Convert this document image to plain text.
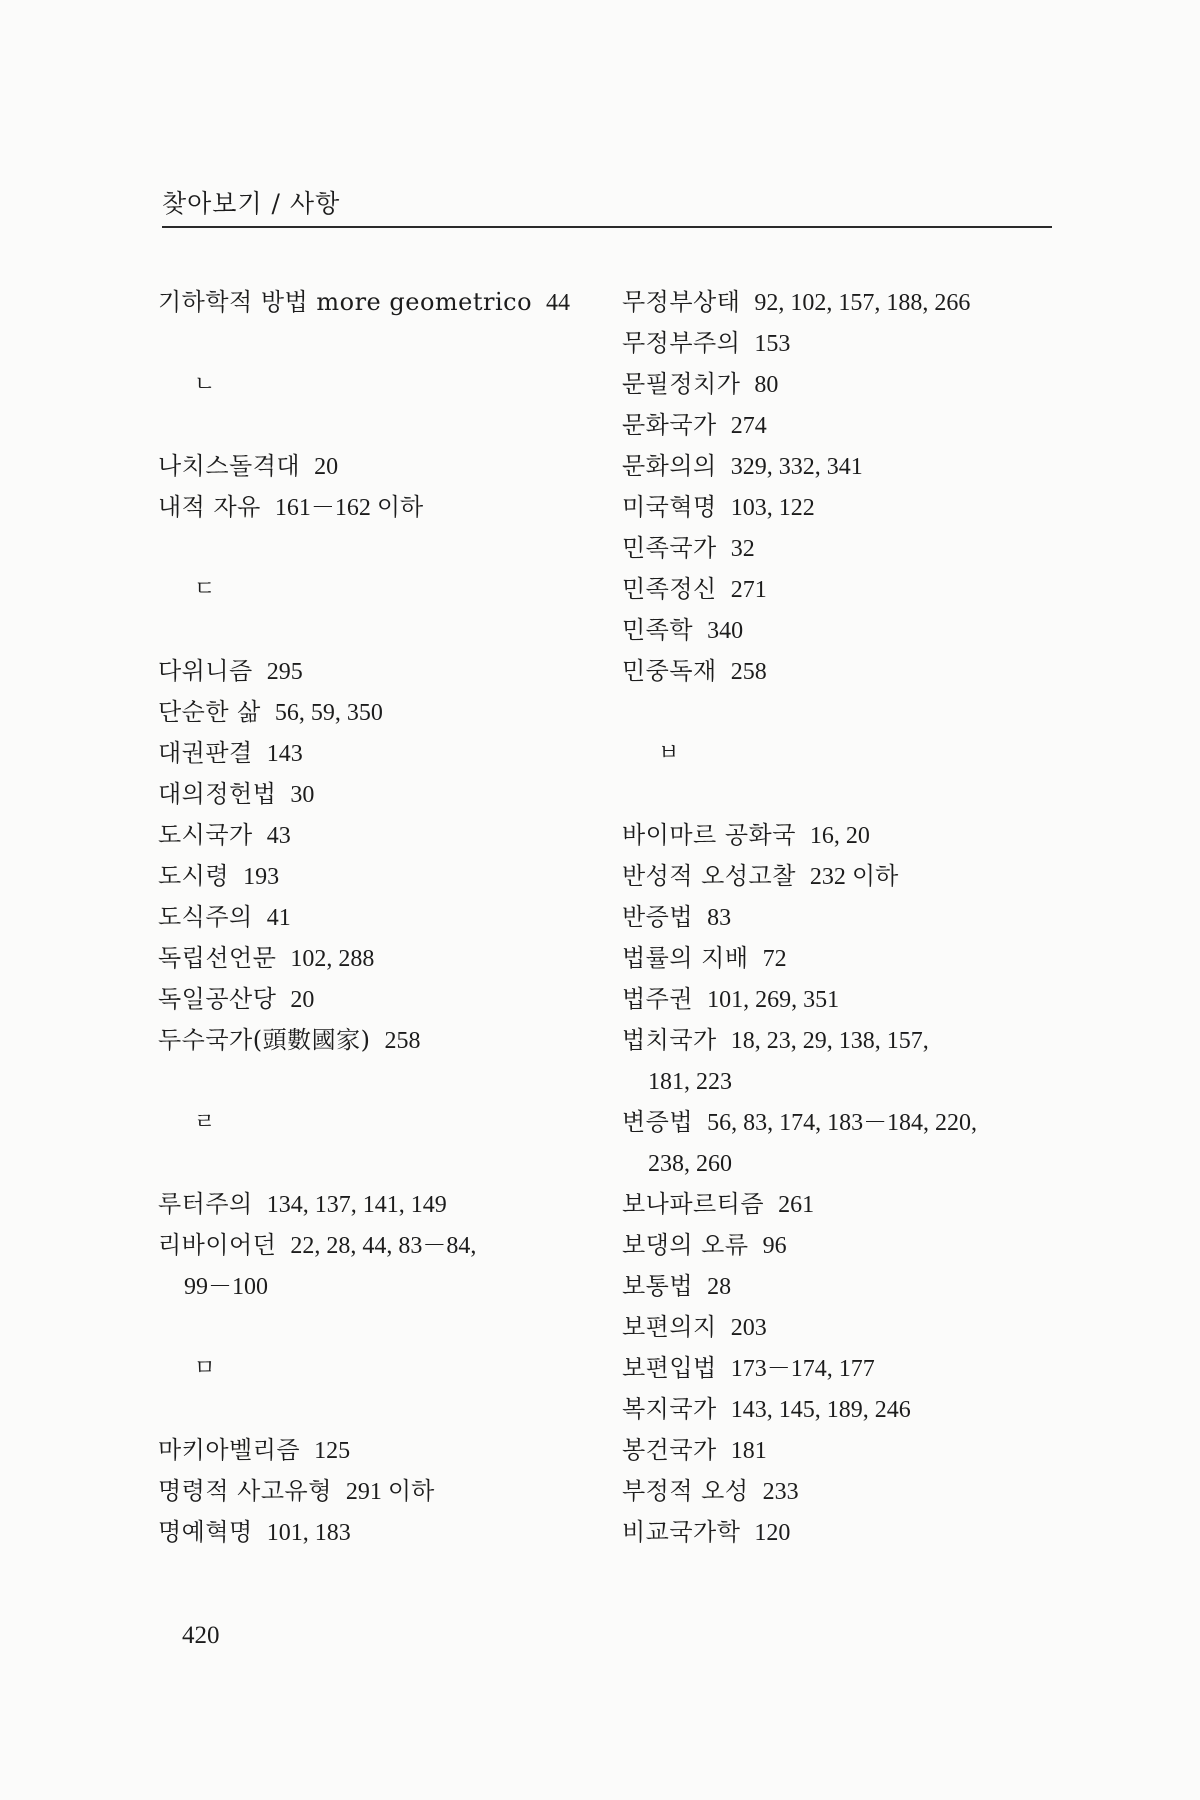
찾아보기 / 사항
기하학적 방법 more geometrico 44
ㄴ
나치스돌격대 20
내적 자유 161－162 이하
ㄷ
다위니즘 295
단순한 삶 56, 59, 350
대권판결 143
대의정헌법 30
도시국가 43
도시령 193
도식주의 41
독립선언문 102, 288
독일공산당 20
두수국가(頭數國家) 258
ㄹ
루터주의 134, 137, 141, 149
리바이어던 22, 28, 44, 83－84,
99－100
ㅁ
마키아벨리즘 125
명령적 사고유형 291 이하
명예혁명 101, 183
무정부상태 92, 102, 157, 188, 266
무정부주의 153
문필정치가 80
문화국가 274
문화의의 329, 332, 341
미국혁명 103, 122
민족국가 32
민족정신 271
민족학 340
민중독재 258
ㅂ
바이마르 공화국 16, 20
반성적 오성고찰 232 이하
반증법 83
법률의 지배 72
법주권 101, 269, 351
법치국가 18, 23, 29, 138, 157,
181, 223
변증법 56, 83, 174, 183－184, 220,
238, 260
보나파르티즘 261
보댕의 오류 96
보통법 28
보편의지 203
보편입법 173－174, 177
복지국가 143, 145, 189, 246
봉건국가 181
부정적 오성 233
비교국가학 120
420
